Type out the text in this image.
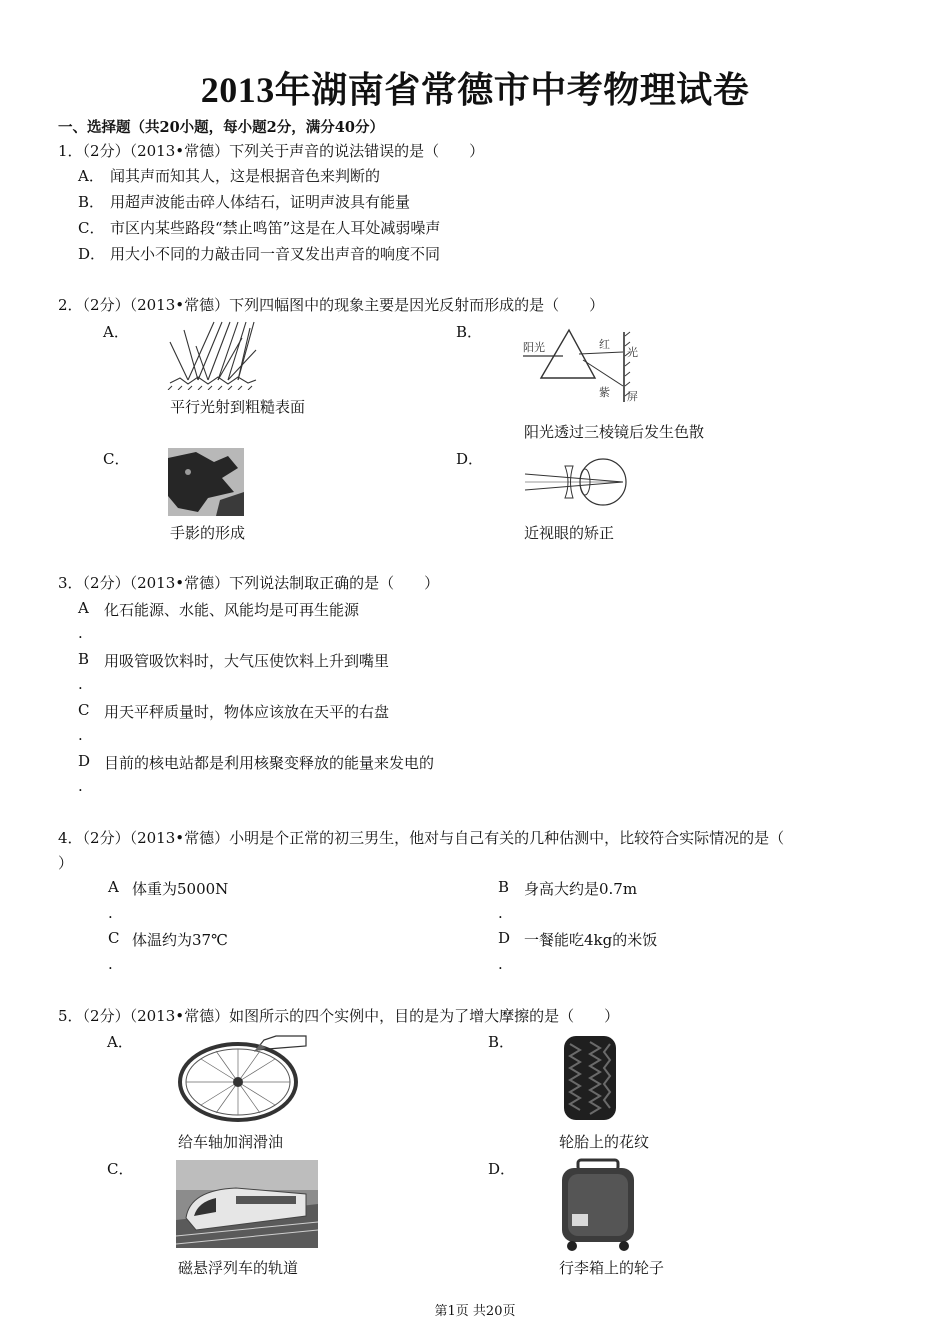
2013年湖南省常德市中考物理试卷
一、选择题（共20小题，每小题2分，满分40分）
1．（2分）（2013•常德）下列关于声音的说法错误的是（　　）
A． 闻其声而知其人，这是根据音色来判断的
B． 用超声波能击碎人体结石，证明声波具有能量
C． 市区内某些路段“禁止鸣笛”这是在人耳处减弱噪声
D． 用大小不同的力敲击同一音叉发出声音的响度不同
2．（2分）（2013•常德）下列四幅图中的现象主要是因光反射而形成的是（　　）
A．
平行光射到粗糙表面
B．
阳光	红
光
紫 屏
阳光透过三棱镜后发生色散
C．
手影的形成
D．
近视眼的矫正
3．（2分）（2013•常德）下列说法制取正确的是（　　）
A 化石能源、水能、风能均是可再生能源
.
B 用吸管吸饮料时，大气压使饮料上升到嘴里
.
C 用天平秤质量时，物体应该放在天平的右盘
.
D 目前的核电站都是利用核聚变释放的能量来发电的
.
4．（2分）（2013•常德）小明是个正常的初三男生，他对与自己有关的几种估测中，比较符合实际情况的是（
）
A 体重为5000N
.
B 身高大约是0.7m
.
C 体温约为37℃
.
D 一餐能吃4kg的米饭
.
5．（2分）（2013•常德）如图所示的四个实例中，目的是为了增大摩擦的是（　　）
A．
给车轴加润滑油
B．
轮胎上的花纹
C．
磁悬浮列车的轨道
D．
行李箱上的轮子
第1页 共20页
